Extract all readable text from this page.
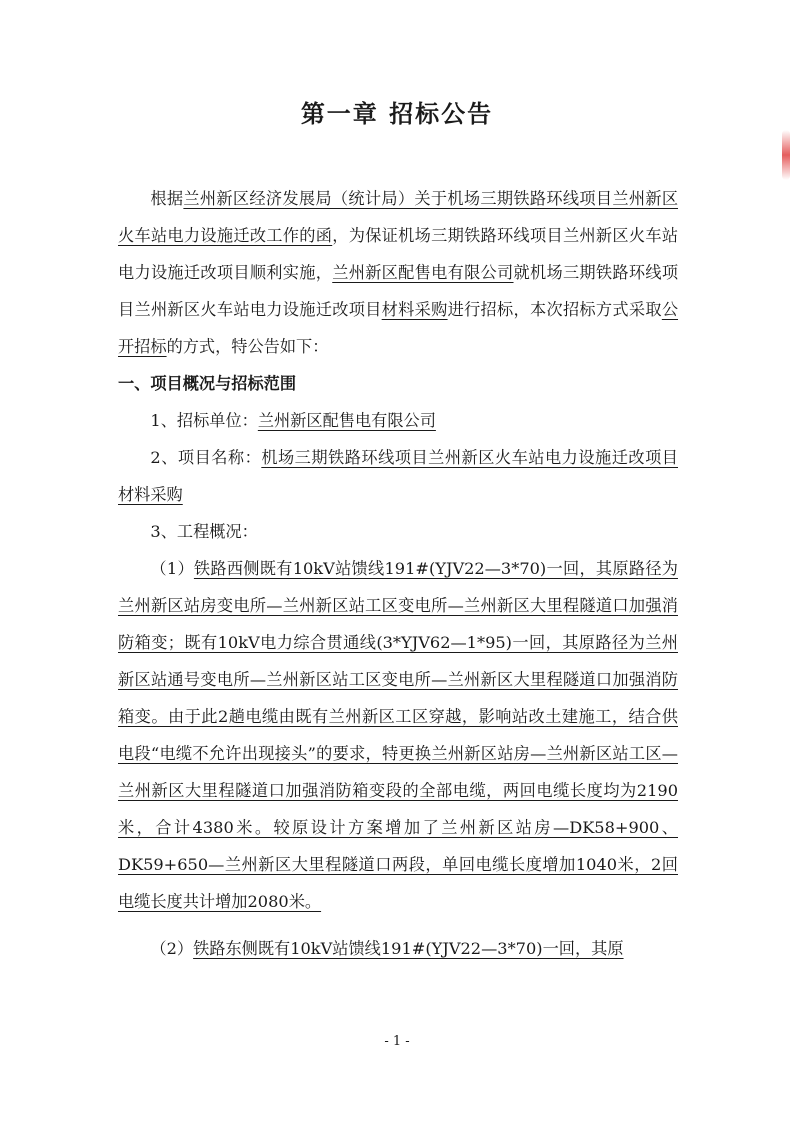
第一章 招标公告

根据兰州新区经济发展局（统计局）关于机场三期铁路环线项目兰州新区火车站电力设施迁改工作的函，为保证机场三期铁路环线项目兰州新区火车站电力设施迁改项目顺利实施，兰州新区配售电有限公司就机场三期铁路环线项目兰州新区火车站电力设施迁改项目材料采购进行招标，本次招标方式采取公开招标的方式，特公告如下：

一、项目概况与招标范围

1、招标单位：兰州新区配售电有限公司

2、项目名称：机场三期铁路环线项目兰州新区火车站电力设施迁改项目材料采购

3、工程概况：

（1）铁路西侧既有10kV站馈线191#(YJV22—3*70)一回，其原路径为兰州新区站房变电所—兰州新区站工区变电所—兰州新区大里程隧道口加强消防箱变；既有10kV电力综合贯通线(3*YJV62—1*95)一回，其原路径为兰州新区站通号变电所—兰州新区站工区变电所—兰州新区大里程隧道口加强消防箱变。由于此2趟电缆由既有兰州新区工区穿越，影响站改土建施工，结合供电段“电缆不允许出现接头”的要求，特更换兰州新区站房—兰州新区站工区—兰州新区大里程隧道口加强消防箱变段的全部电缆，两回电缆长度均为2190米，合计4380米。较原设计方案增加了兰州新区站房—DK58+900、DK59+650—兰州新区大里程隧道口两段，单回电缆长度增加1040米，2回电缆长度共计增加2080米。

（2）铁路东侧既有10kV站馈线191#(YJV22—3*70)一回，其原

- 1 -
